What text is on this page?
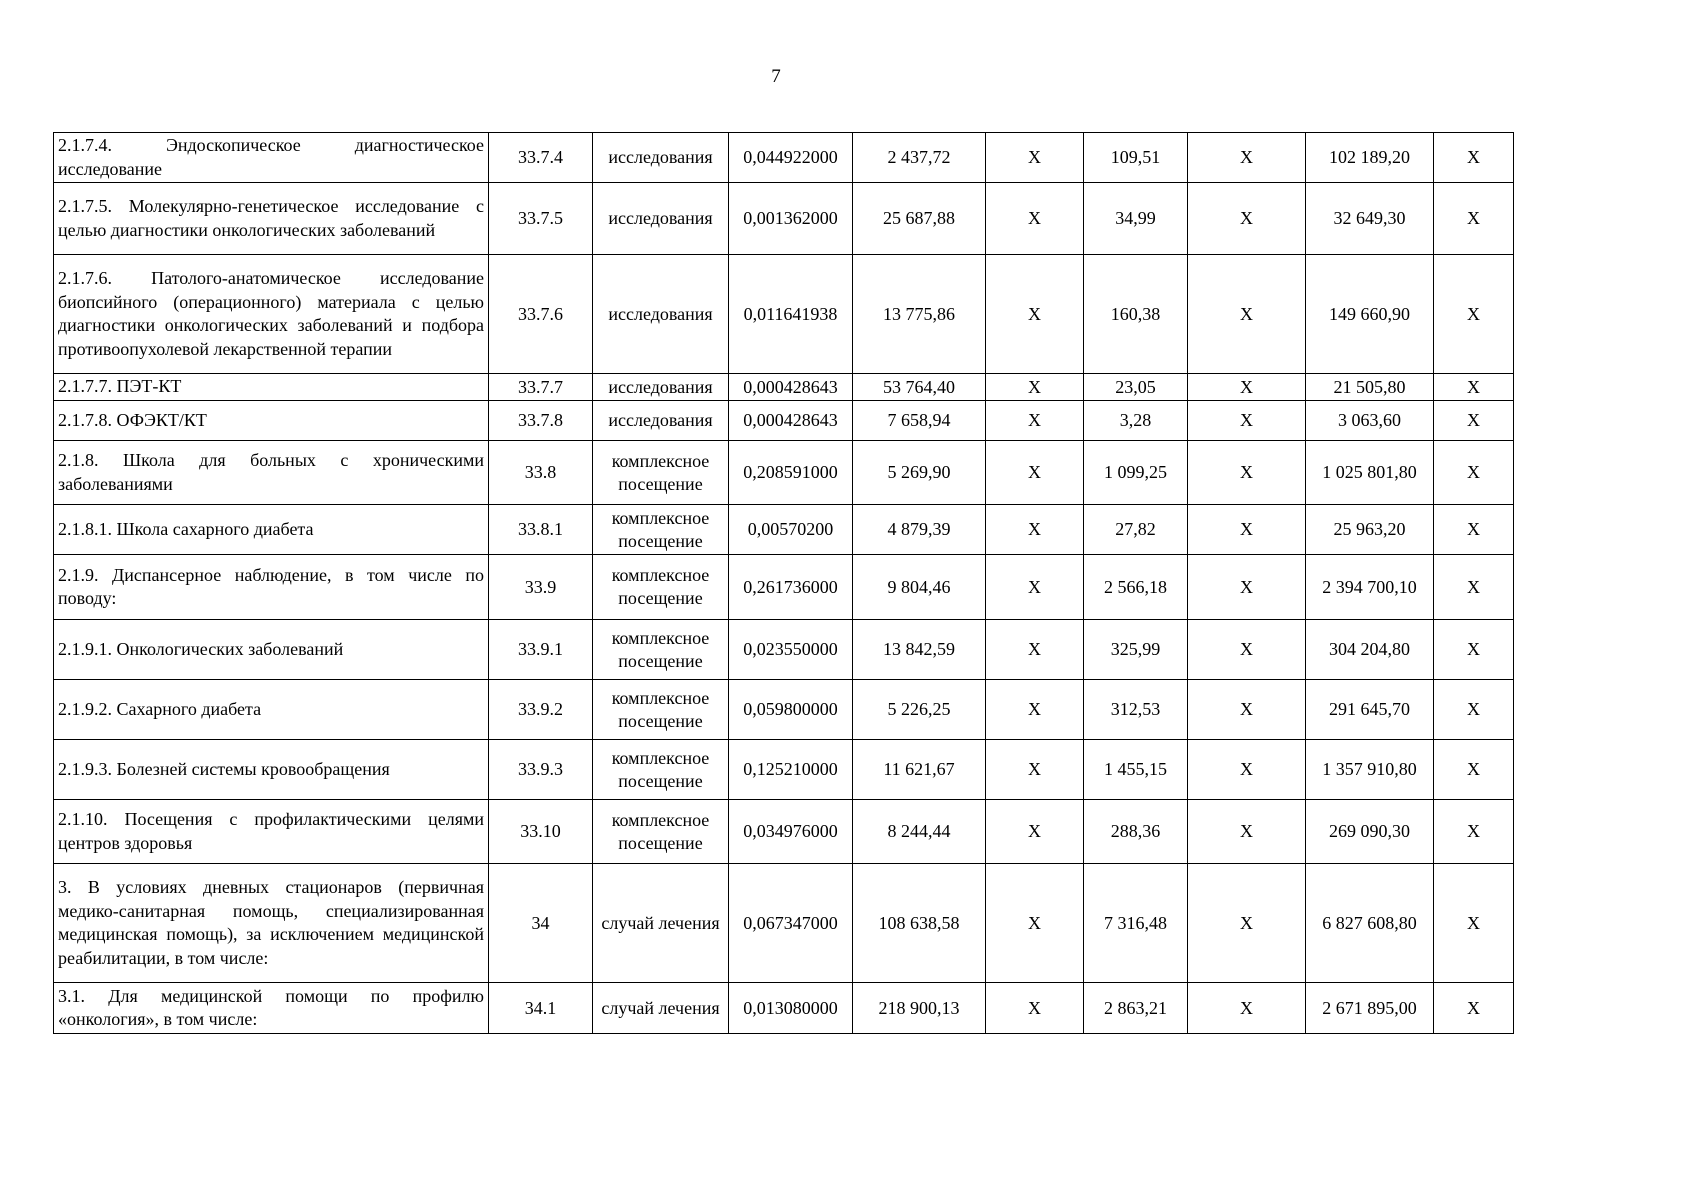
7
2.1.7.4. Эндоскопическое диагностическое исследование	33.7.4	исследования	0,044922000	2 437,72	Х	109,51	Х	102 189,20	Х
2.1.7.5. Молекулярно-генетическое исследование с целью диагностики онкологических заболеваний	33.7.5	исследования	0,001362000	25 687,88	Х	34,99	Х	32 649,30	Х
2.1.7.6. Патолого-анатомическое исследование биопсийного (операционного) материала с целью диагностики онкологических заболеваний и подбора противоопухолевой лекарственной терапии	33.7.6	исследования	0,011641938	13 775,86	Х	160,38	Х	149 660,90	Х
2.1.7.7. ПЭТ-КТ	33.7.7	исследования	0,000428643	53 764,40	Х	23,05	Х	21 505,80	Х
2.1.7.8. ОФЭКТ/КТ	33.7.8	исследования	0,000428643	7 658,94	Х	3,28	Х	3 063,60	Х
2.1.8. Школа для больных с хроническими заболеваниями	33.8	комплексное посещение	0,208591000	5 269,90	Х	1 099,25	Х	1 025 801,80	Х
2.1.8.1. Школа сахарного диабета	33.8.1	комплексное посещение	0,00570200	4 879,39	Х	27,82	Х	25 963,20	Х
2.1.9. Диспансерное наблюдение, в том числе по поводу:	33.9	комплексное посещение	0,261736000	9 804,46	Х	2 566,18	Х	2 394 700,10	Х
2.1.9.1. Онкологических заболеваний	33.9.1	комплексное посещение	0,023550000	13 842,59	Х	325,99	Х	304 204,80	Х
2.1.9.2. Сахарного диабета	33.9.2	комплексное посещение	0,059800000	5 226,25	Х	312,53	Х	291 645,70	Х
2.1.9.3. Болезней системы кровообращения	33.9.3	комплексное посещение	0,125210000	11 621,67	Х	1 455,15	Х	1 357 910,80	Х
2.1.10. Посещения с профилактическими целями центров здоровья	33.10	комплексное посещение	0,034976000	8 244,44	Х	288,36	Х	269 090,30	Х
3. В условиях дневных стационаров (первичная медико-санитарная помощь, специализированная медицинская помощь), за исключением медицинской реабилитации, в том числе:	34	случай лечения	0,067347000	108 638,58	Х	7 316,48	Х	6 827 608,80	Х
3.1. Для медицинской помощи по профилю «онкология», в том числе:	34.1	случай лечения	0,013080000	218 900,13	Х	2 863,21	Х	2 671 895,00	Х
